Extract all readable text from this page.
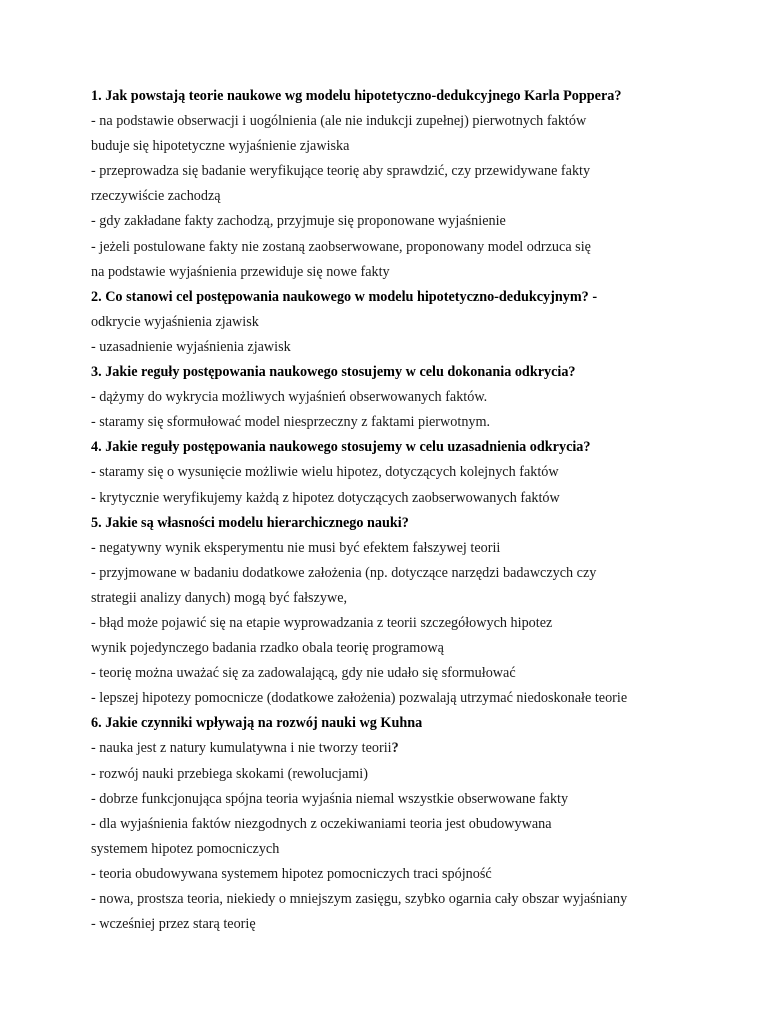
1. Jak powstają teorie naukowe wg modelu hipotetyczno-dedukcyjnego Karla Poppera?
- na podstawie obserwacji i uogólnienia (ale nie indukcji zupełnej) pierwotnych faktów
buduje się hipotetyczne wyjaśnienie zjawiska
- przeprowadza się badanie weryfikujące teorię aby sprawdzić, czy przewidywane fakty
rzeczywiście zachodzą
- gdy zakładane fakty zachodzą, przyjmuje się proponowane wyjaśnienie
- jeżeli postulowane fakty nie zostaną zaobserwowane, proponowany model odrzuca się
na podstawie wyjaśnienia przewiduje się nowe fakty
2. Co stanowi cel postępowania naukowego w modelu hipotetyczno-dedukcyjnym? -
odkrycie wyjaśnienia zjawisk
- uzasadnienie wyjaśnienia zjawisk
3. Jakie reguły postępowania naukowego stosujemy w celu dokonania odkrycia?
- dążymy do wykrycia możliwych wyjaśnień obserwowanych faktów.
- staramy się sformułować model niesprzeczny z faktami pierwotnym.
4. Jakie reguły postępowania naukowego stosujemy w celu uzasadnienia odkrycia?
- staramy się o wysunięcie możliwie wielu hipotez, dotyczących kolejnych faktów
- krytycznie weryfikujemy każdą z hipotez dotyczących zaobserwowanych faktów
5. Jakie są własności modelu hierarchicznego nauki?
- negatywny wynik eksperymentu nie musi być efektem fałszywej teorii
- przyjmowane w badaniu dodatkowe założenia (np. dotyczące narzędzi badawczych czy
strategii analizy danych) mogą być fałszywe,
- błąd może pojawić się na etapie wyprowadzania z teorii szczegółowych hipotez
wynik pojedynczego badania rzadko obala teorię programową
- teorię można uważać się za zadowalającą, gdy nie udało się sformułować
- lepszej hipotezy pomocnicze (dodatkowe założenia) pozwalają utrzymać niedoskonałe teorie
6. Jakie czynniki wpływają na rozwój nauki wg Kuhna
- nauka jest z natury kumulatywna i nie tworzy teorii?
- rozwój nauki przebiega skokami (rewolucjami)
- dobrze funkcjonująca spójna teoria wyjaśnia niemal wszystkie obserwowane fakty
- dla wyjaśnienia faktów niezgodnych z oczekiwaniami teoria jest obudowywana
systemem hipotez pomocniczych
- teoria obudowywana systemem hipotez pomocniczych traci spójność
- nowa, prostsza teoria, niekiedy o mniejszym zasięgu, szybko ogarnia cały obszar wyjaśniany
- wcześniej przez starą teorię
